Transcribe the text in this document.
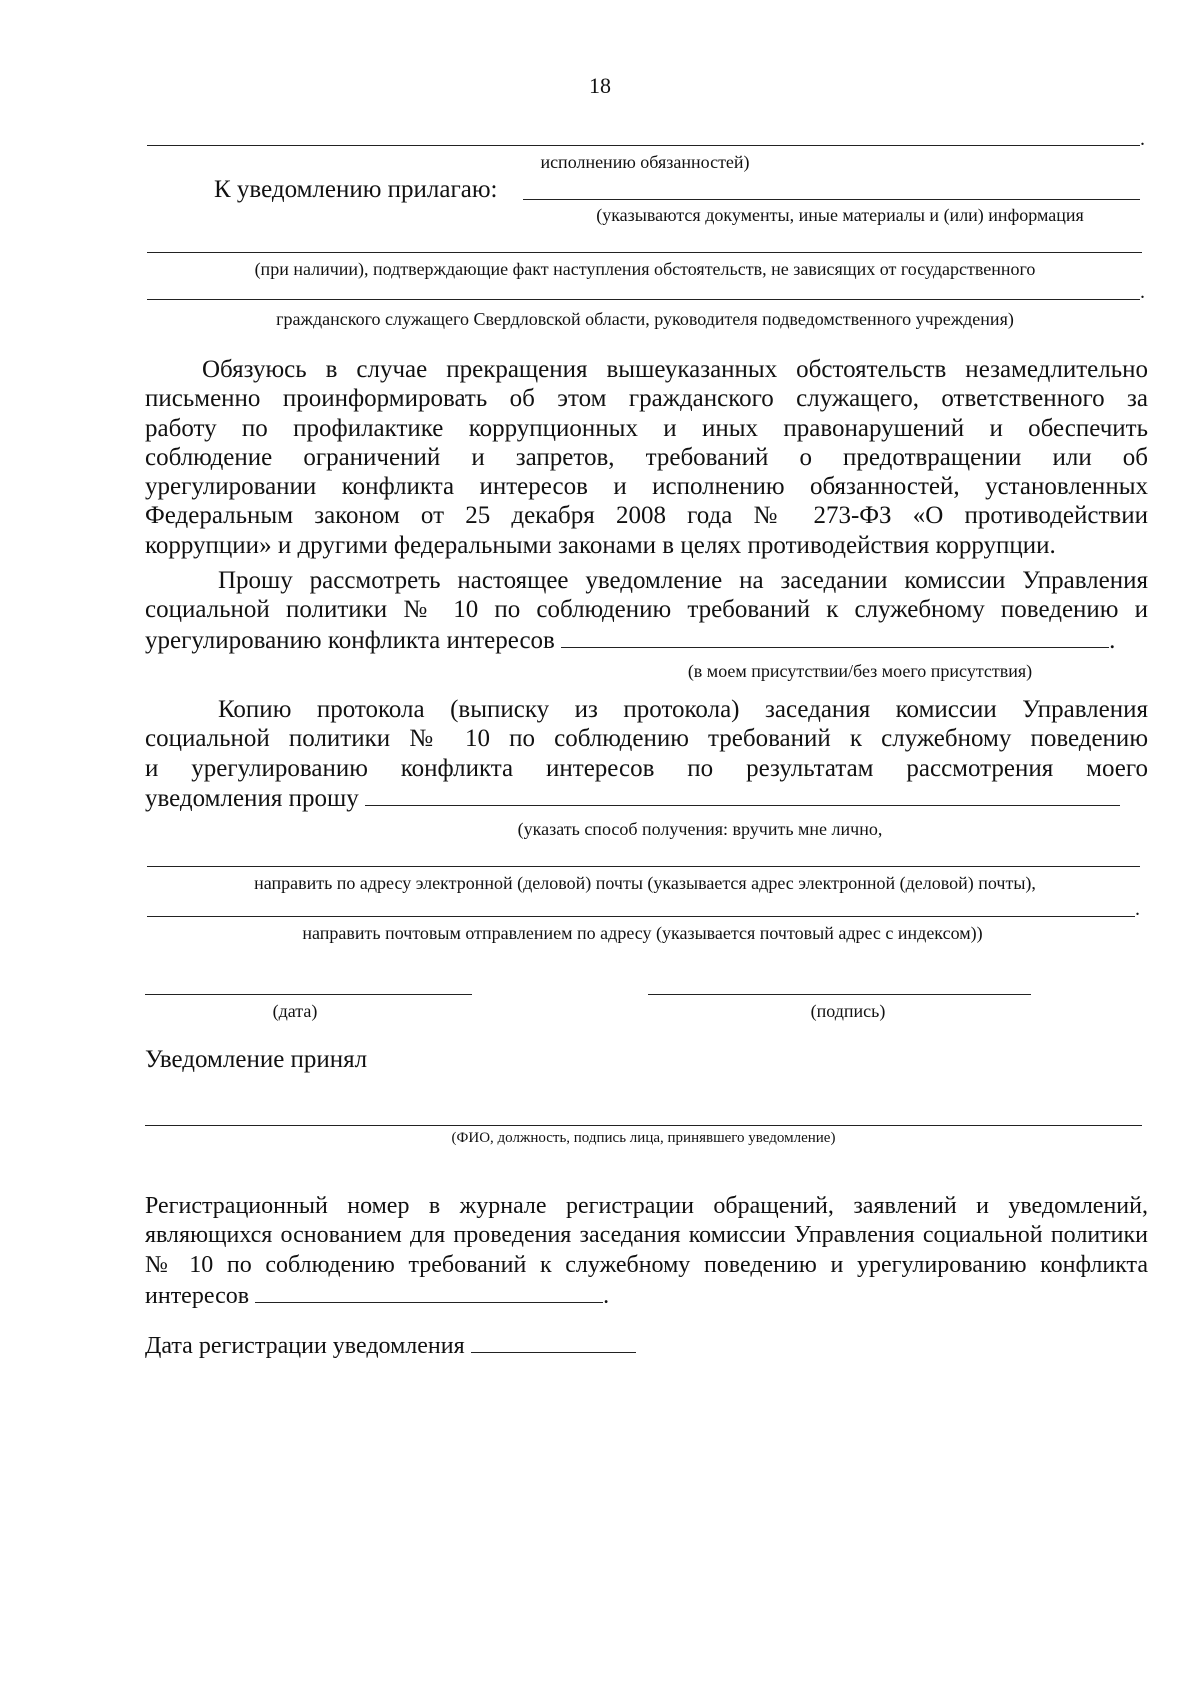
18
.
исполнению обязанностей)
К уведомлению прилагаю:
(указываются документы, иные материалы и (или) информация
(при наличии), подтверждающие факт наступления обстоятельств, не зависящих от государственного
.
гражданского служащего Свердловской области, руководителя подведомственного учреждения)
Обязуюсь в случае прекращения вышеуказанных обстоятельств незамедлительно
письменно проинформировать об этом гражданского служащего, ответственного за
работу по профилактике коррупционных и иных правонарушений и обеспечить
соблюдение ограничений и запретов, требований о предотвращении или об
урегулировании конфликта интересов и исполнению обязанностей, установленных
Федеральным законом от 25 декабря 2008 года № 273-ФЗ «О противодействии
коррупции» и другими федеральными законами в целях противодействия коррупции.
Прошу рассмотреть настоящее уведомление на заседании комиссии Управления
социальной политики № 10 по соблюдению требований к служебному поведению и
урегулированию конфликта интересов	.
(в моем присутствии/без моего присутствия)
Копию протокола (выписку из протокола) заседания комиссии Управления
социальной политики № 10 по соблюдению требований к служебному поведению
и урегулированию конфликта интересов по результатам рассмотрения моего
уведомления прошу
(указать способ получения: вручить мне лично,
направить по адресу электронной (деловой) почты (указывается адрес электронной (деловой) почты),
.
направить почтовым отправлением по адресу (указывается почтовый адрес с индексом))
(дата)	(подпись)
Уведомление принял
(ФИО, должность, подпись лица, принявшего уведомление)
Регистрационный номер в журнале регистрации обращений, заявлений и уведомлений,
являющихся основанием для проведения заседания комиссии Управления социальной политики
№ 10 по соблюдению требований к служебному поведению и урегулированию конфликта
интересов	.
Дата регистрации уведомления
